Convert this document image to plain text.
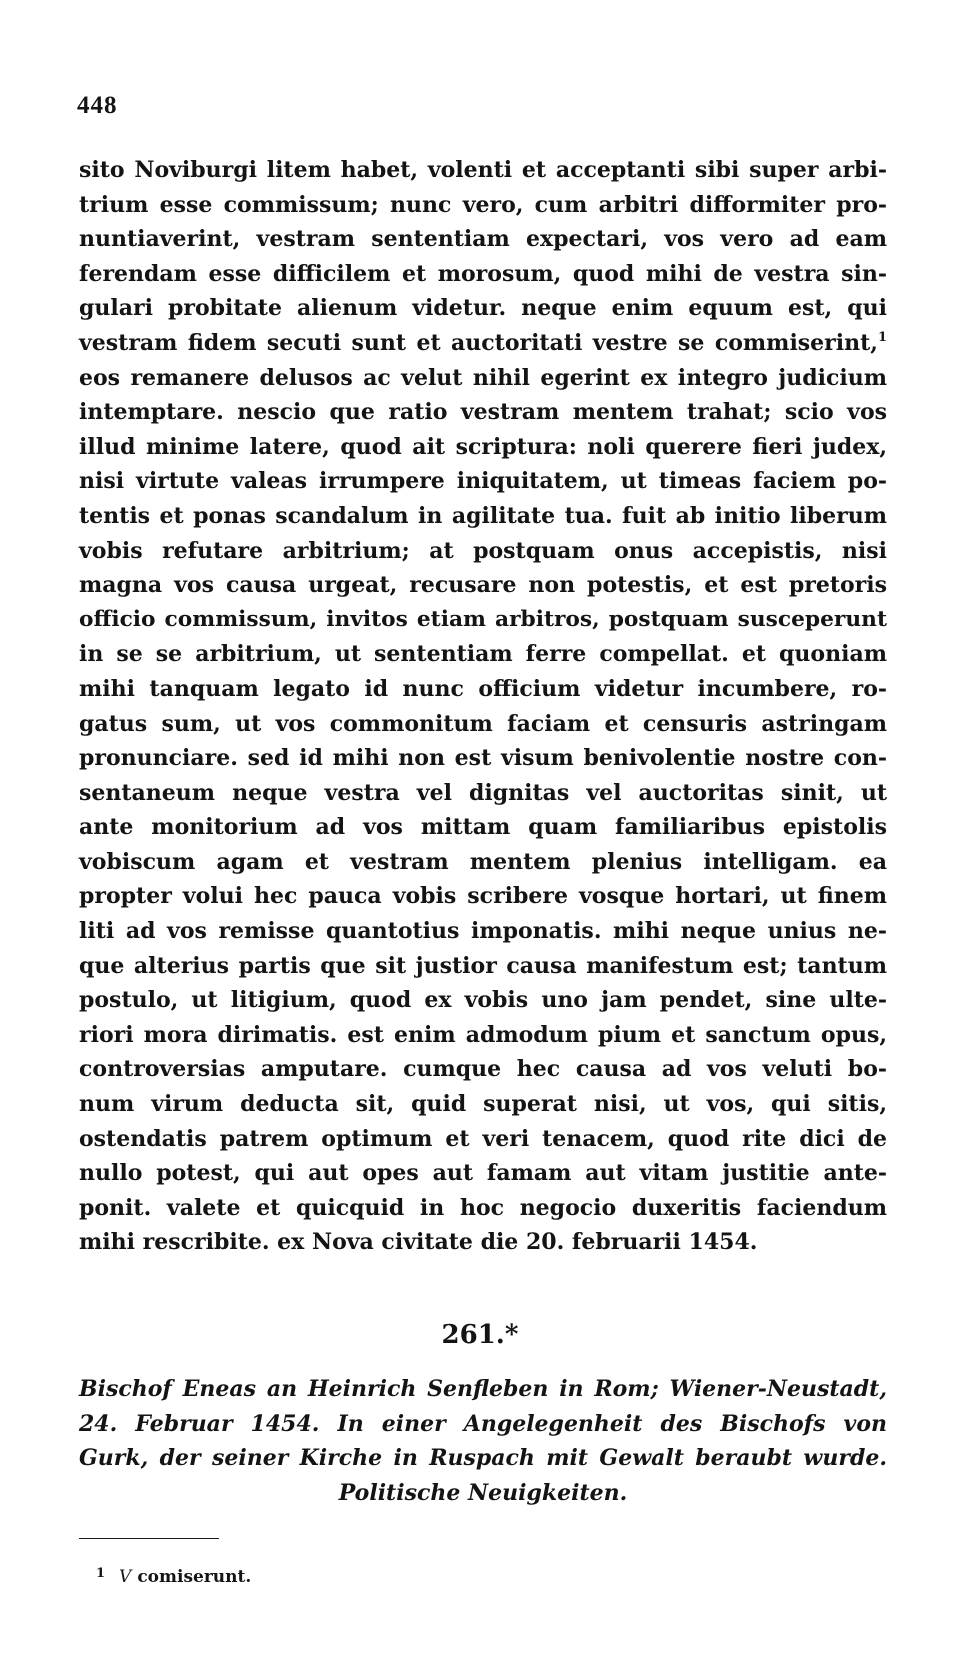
448
sito Noviburgi litem habet, volenti et acceptanti sibi super arbi-
trium esse commissum; nunc vero, cum arbitri difformiter pro-
nuntiaverint, vestram sententiam expectari, vos vero ad eam
ferendam esse difficilem et morosum, quod mihi de vestra sin-
gulari probitate alienum videtur. neque enim equum est, qui
vestram fidem secuti sunt et auctoritati vestre se commiserint,$^1$
eos remanere delusos ac velut nihil egerint ex integro judicium
intemptare. nescio que ratio vestram mentem trahat; scio vos
illud minime latere, quod ait scriptura: noli querere fieri judex,
nisi virtute valeas irrumpere iniquitatem, ut timeas faciem po-
tentis et ponas scandalum in agilitate tua. fuit ab initio liberum
vobis refutare arbitrium; at postquam onus accepistis, nisi
magna vos causa urgeat, recusare non potestis, et est pretoris
officio commissum, invitos etiam arbitros, postquam susceperunt
in se se arbitrium, ut sententiam ferre compellat. et quoniam
mihi tanquam legato id nunc officium videtur incumbere, ro-
gatus sum, ut vos commonitum faciam et censuris astringam
pronunciare. sed id mihi non est visum benivolentie nostre con-
sentaneum neque vestra vel dignitas vel auctoritas sinit, ut
ante monitorium ad vos mittam quam familiaribus epistolis
vobiscum agam et vestram mentem plenius intelligam. ea
propter volui hec pauca vobis scribere vosque hortari, ut finem
liti ad vos remisse quantotius imponatis. mihi neque unius ne-
que alterius partis que sit justior causa manifestum est; tantum
postulo, ut litigium, quod ex vobis uno jam pendet, sine ulte-
riori mora dirimatis. est enim admodum pium et sanctum opus,
controversias amputare. cumque hec causa ad vos veluti bo-
num virum deducta sit, quid superat nisi, ut vos, qui sitis,
ostendatis patrem optimum et veri tenacem, quod rite dici de
nullo potest, qui aut opes aut famam aut vitam justitie ante-
ponit. valete et quicquid in hoc negocio duxeritis faciendum
mihi rescribite. ex Nova civitate die 20. februarii 1454.
261.*
Bischof Eneas an Heinrich Senfleben in Rom; Wiener-Neustadt,
24. Februar 1454. In einer Angelegenheit des Bischofs von
Gurk, der seiner Kirche in Ruspach mit Gewalt beraubt wurde.
Politische Neuigkeiten.
$^1$ V comiserunt.
